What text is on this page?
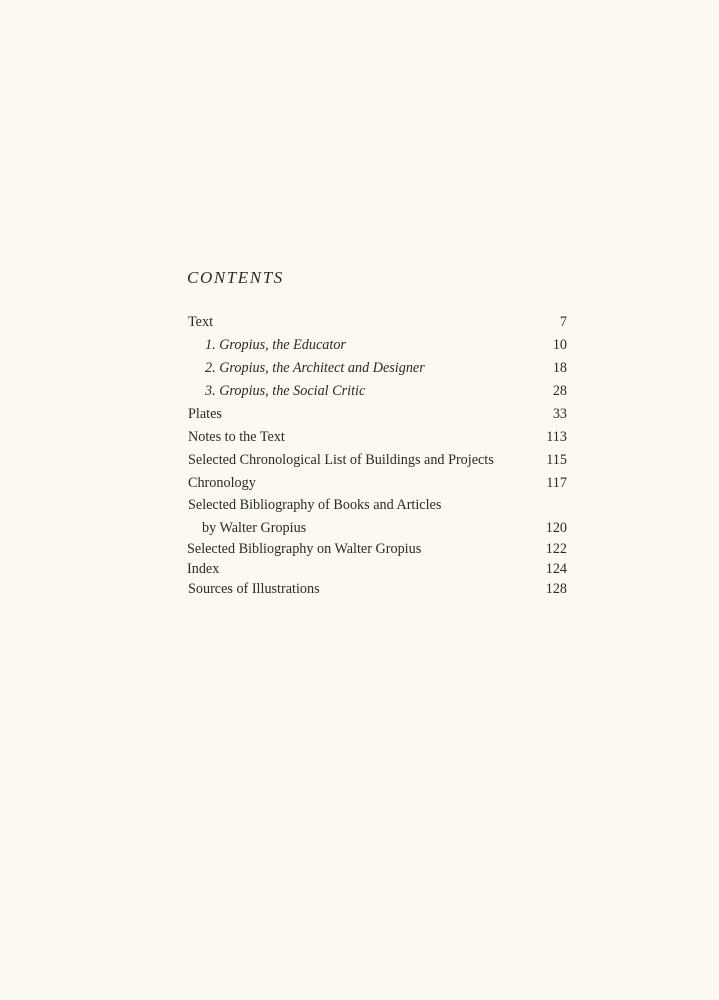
CONTENTS
Text	7
1. Gropius, the Educator	10
2. Gropius, the Architect and Designer	18
3. Gropius, the Social Critic	28
Plates	33
Notes to the Text	113
Selected Chronological List of Buildings and Projects	115
Chronology	117
Selected Bibliography of Books and Articles
by Walter Gropius	120
Selected Bibliography on Walter Gropius	122
Index	124
Sources of Illustrations	128
